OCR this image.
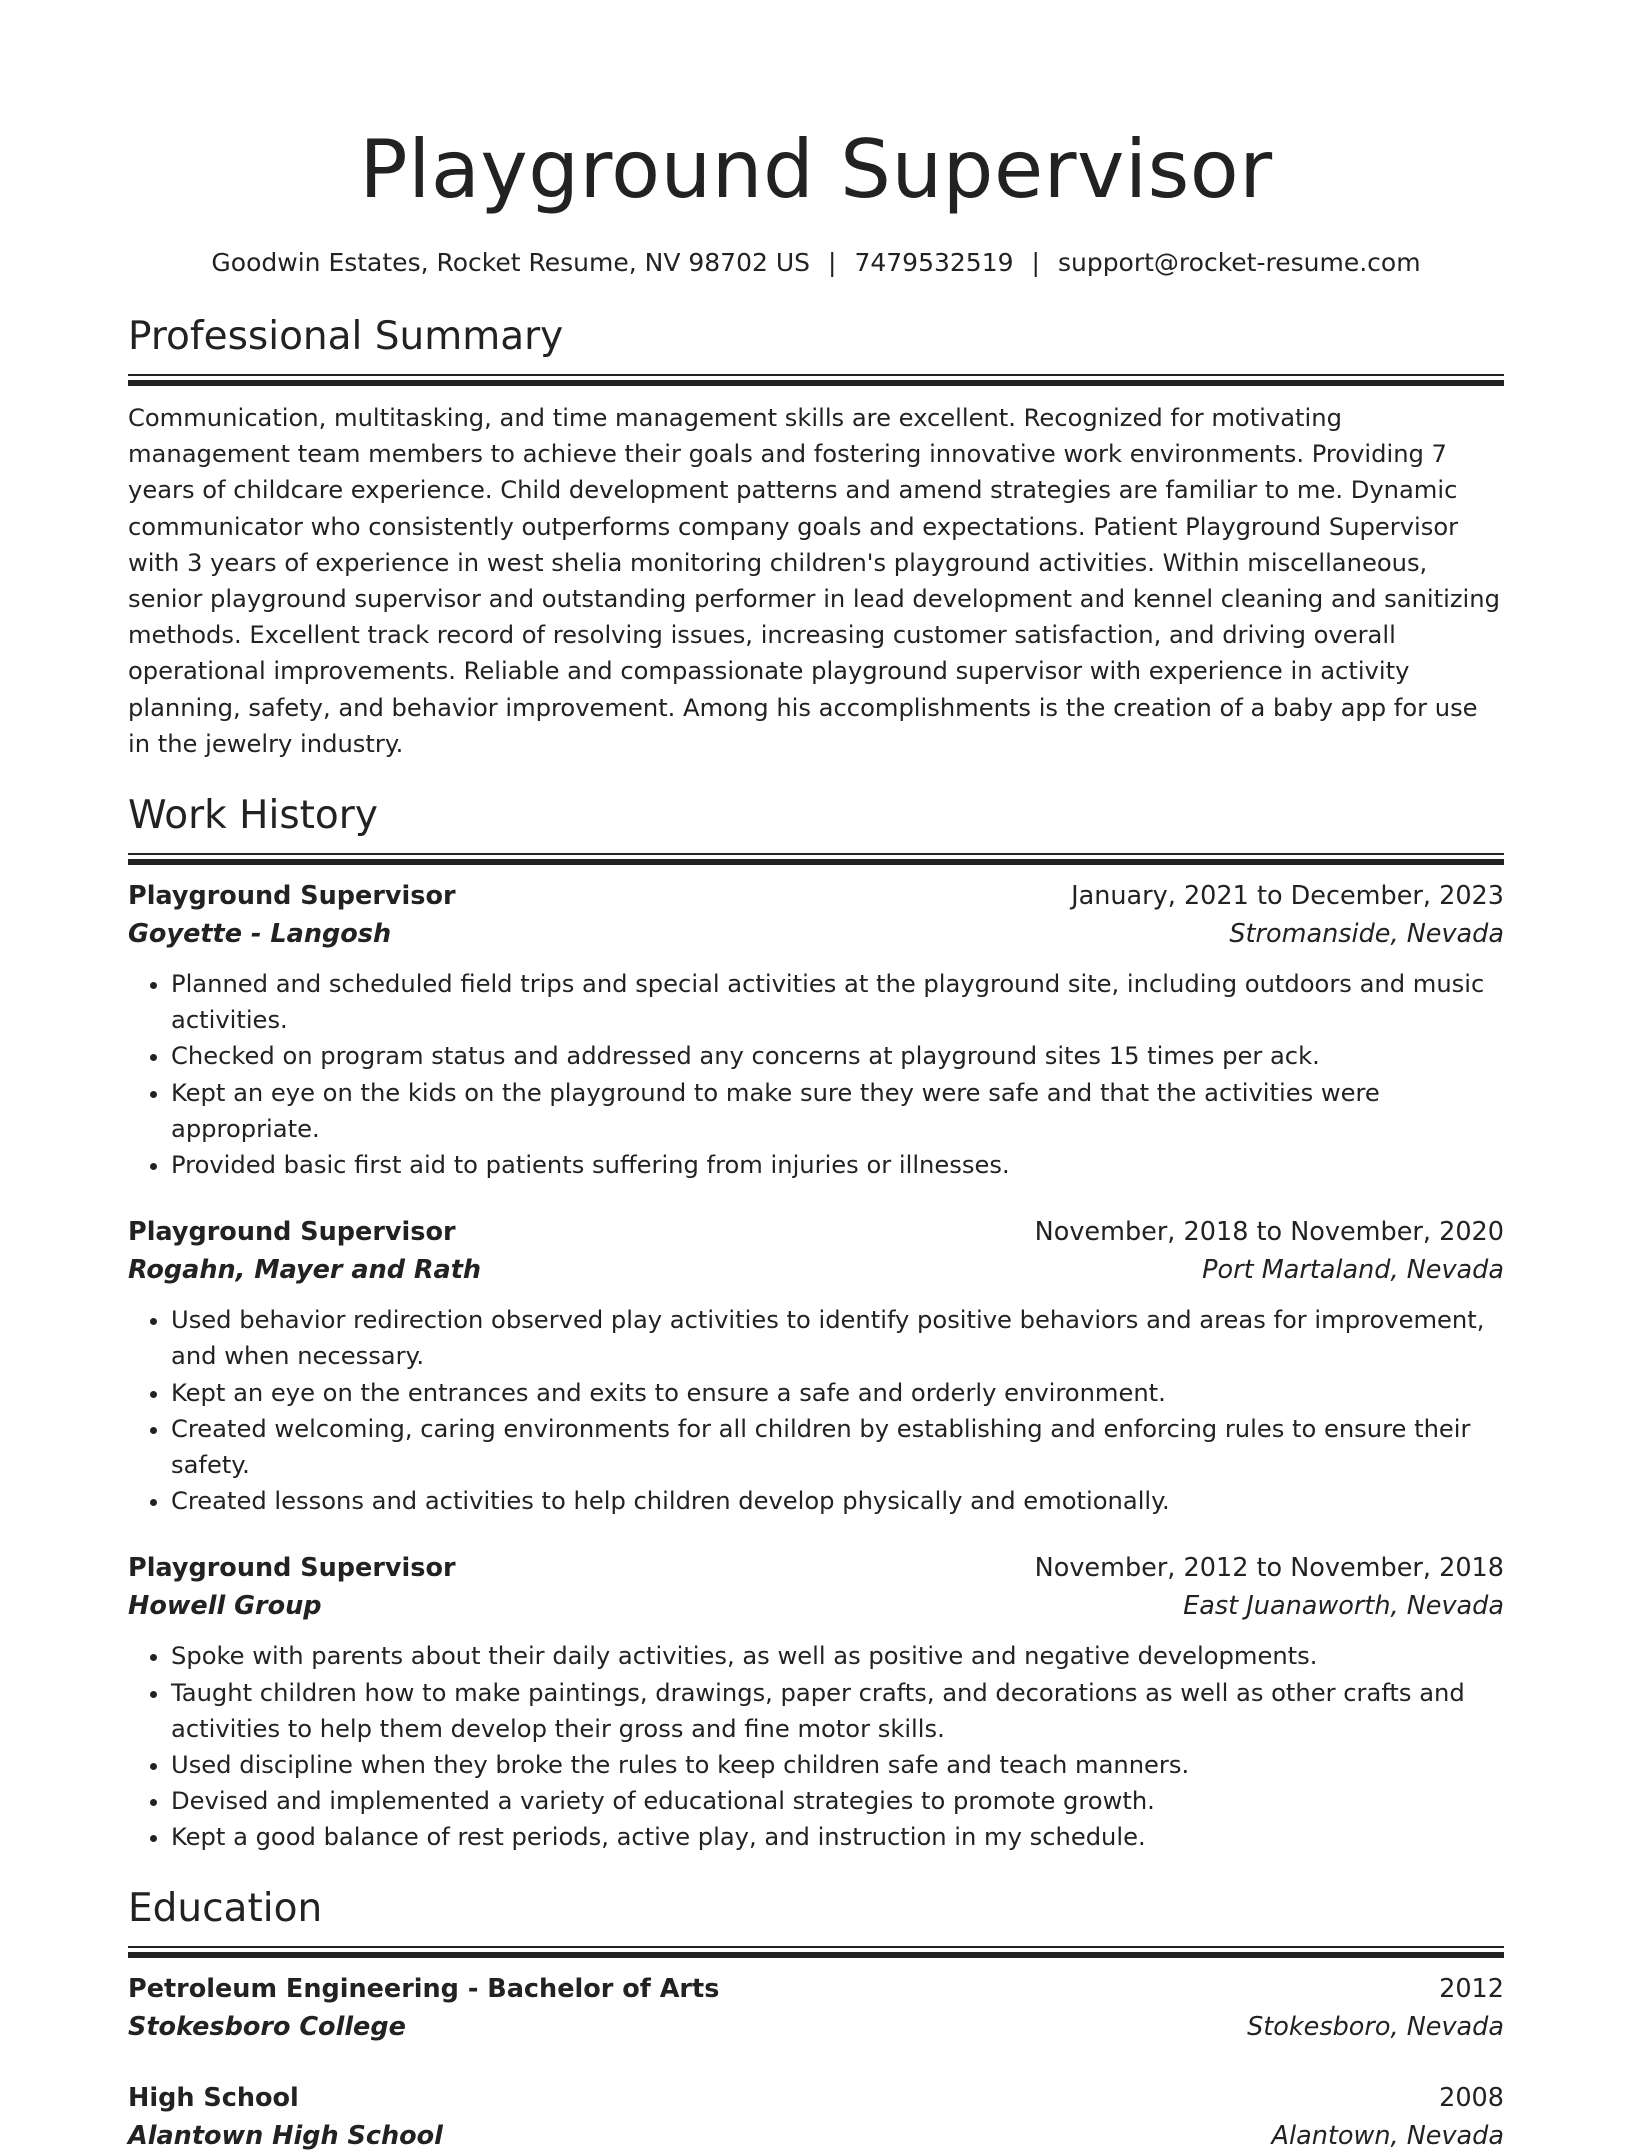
Playground Supervisor
Goodwin Estates, Rocket Resume, NV 98702 US | 7479532519 | support@rocket-resume.com
Professional Summary
Communication, multitasking, and time management skills are excellent. Recognized for motivating management team members to achieve their goals and fostering innovative work environments. Providing 7 years of childcare experience. Child development patterns and amend strategies are familiar to me. Dynamic communicator who consistently outperforms company goals and expectations. Patient Playground Supervisor with 3 years of experience in west shelia monitoring children's playground activities. Within miscellaneous, senior playground supervisor and outstanding performer in lead development and kennel cleaning and sanitizing methods. Excellent track record of resolving issues, increasing customer satisfaction, and driving overall operational improvements. Reliable and compassionate playground supervisor with experience in activity planning, safety, and behavior improvement. Among his accomplishments is the creation of a baby app for use in the jewelry industry.
Work History
Playground Supervisor	January, 2021 to December, 2023
Goyette - Langosh	Stromanside, Nevada
• Planned and scheduled field trips and special activities at the playground site, including outdoors and music activities.
• Checked on program status and addressed any concerns at playground sites 15 times per ack.
• Kept an eye on the kids on the playground to make sure they were safe and that the activities were appropriate.
• Provided basic first aid to patients suffering from injuries or illnesses.
Playground Supervisor	November, 2018 to November, 2020
Rogahn, Mayer and Rath	Port Martaland, Nevada
• Used behavior redirection observed play activities to identify positive behaviors and areas for improvement, and when necessary.
• Kept an eye on the entrances and exits to ensure a safe and orderly environment.
• Created welcoming, caring environments for all children by establishing and enforcing rules to ensure their safety.
• Created lessons and activities to help children develop physically and emotionally.
Playground Supervisor	November, 2012 to November, 2018
Howell Group	East Juanaworth, Nevada
• Spoke with parents about their daily activities, as well as positive and negative developments.
• Taught children how to make paintings, drawings, paper crafts, and decorations as well as other crafts and activities to help them develop their gross and fine motor skills.
• Used discipline when they broke the rules to keep children safe and teach manners.
• Devised and implemented a variety of educational strategies to promote growth.
• Kept a good balance of rest periods, active play, and instruction in my schedule.
Education
Petroleum Engineering - Bachelor of Arts	2012
Stokesboro College	Stokesboro, Nevada
High School	2008
Alantown High School	Alantown, Nevada
